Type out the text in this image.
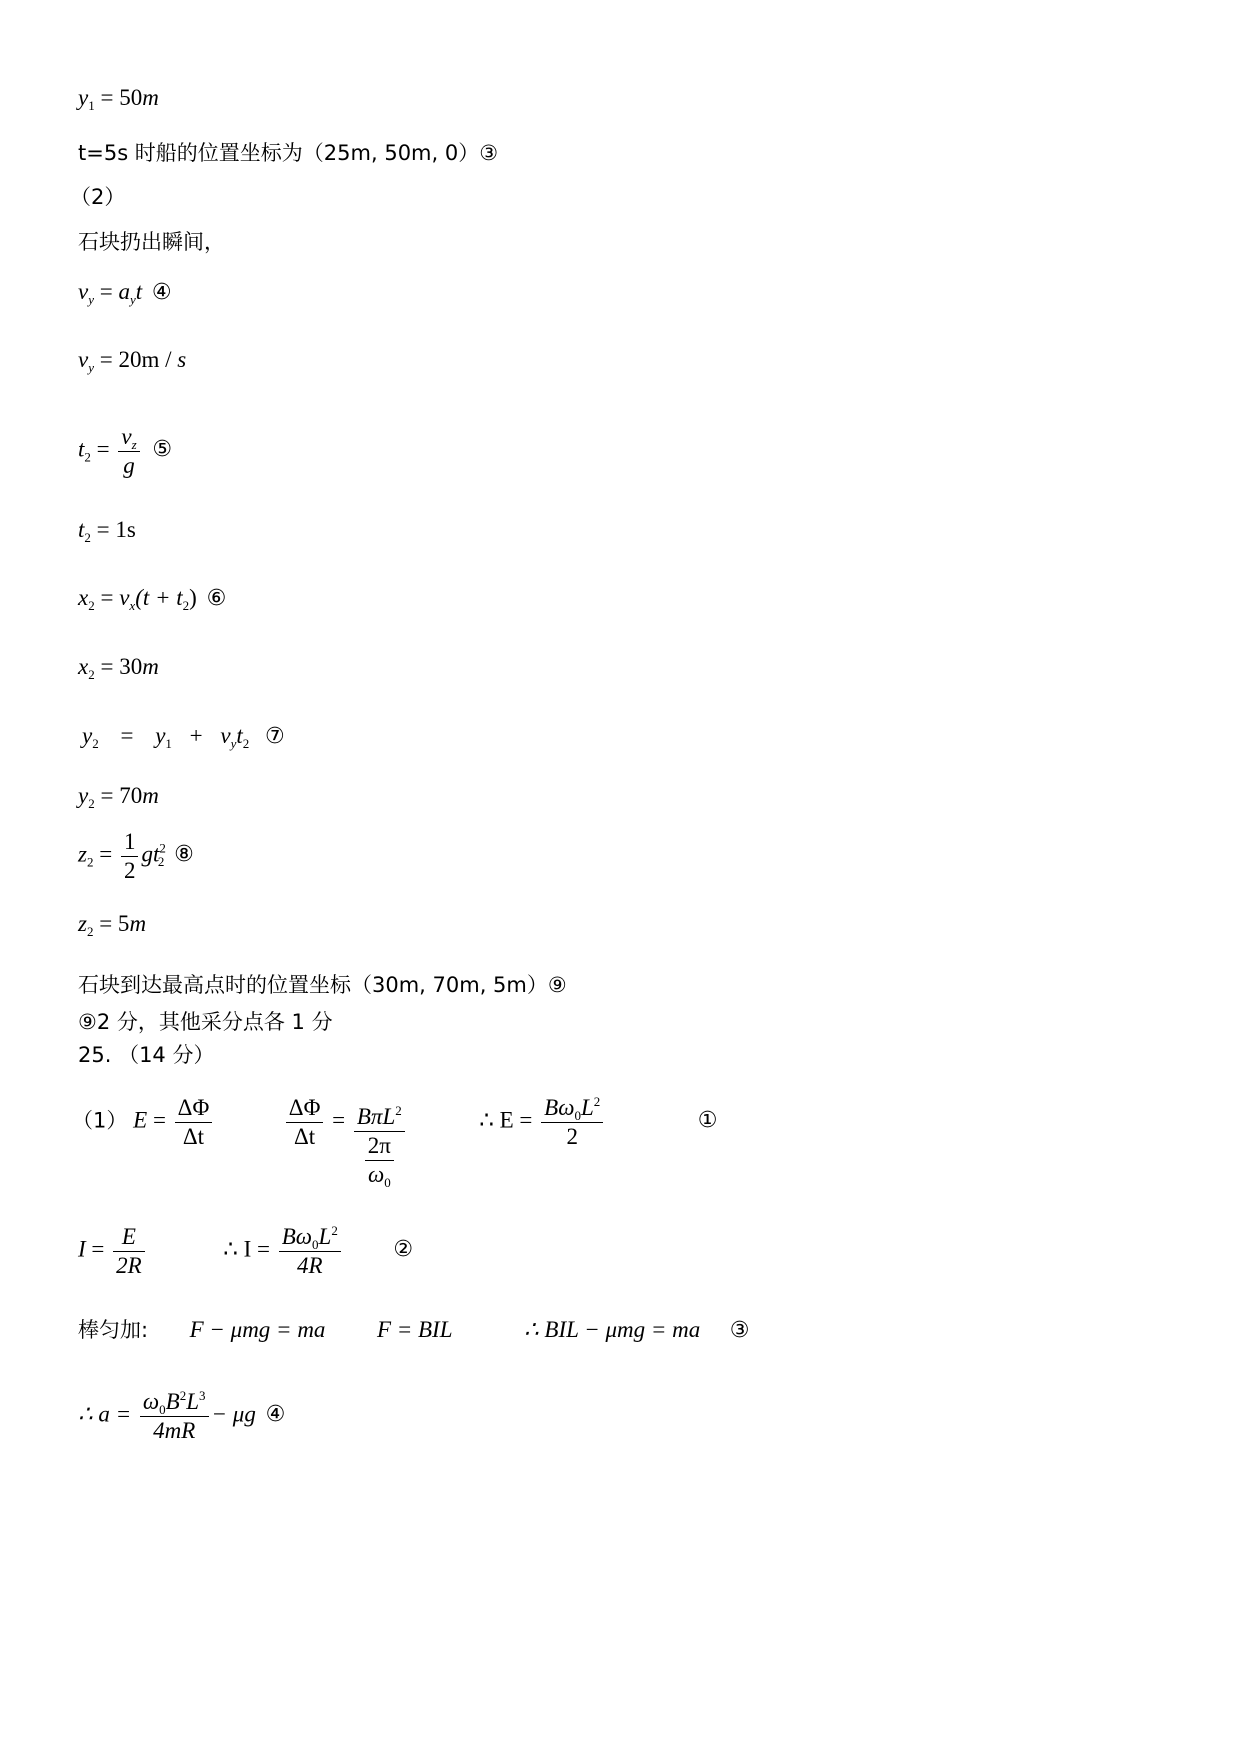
$y_1 = 50m$
t=5s 时船的位置坐标为（25m, 50m, 0）③
（2）
石块扔出瞬间，
$v_y = a_yt$ ④
$v_y = 20m / s$
$t_2 = \frac{v_z}{g}$ ⑤
$t_2 = 1s$
$x_2 = v_x(t + t_2)$ ⑥
$x_2 = 30m$
$y_2 = y_1 + v_yt_2$ ⑦
$y_2 = 70m$
$z_2 = \frac{1}{2} gt^2_2$ ⑧
$z_2 = 5m$
石块到达最高点时的位置坐标（30m, 70m, 5m）⑨
⑨2 分，其他采分点各 1 分
25. （14 分）
（1） $E = \frac{\Delta\Phi}{\Delta t}$
	$\frac{\Delta\Phi}{\Delta t} = \frac{B\pi L^2}{\frac{2\pi}{\omega_0}}$	∴ $E = \frac{B\omega_0L^2}{2}$	①
$I = \frac{E}{2R}$	∴ $I = \frac{B\omega_0L^2}{4R}$ ②
棒匀加: F − μmg = ma F = BIL	∴ BIL − μmg = ma ③
∴ $a = \frac{\omega_0B^2L^3}{4mR} - \mu g$ ④
